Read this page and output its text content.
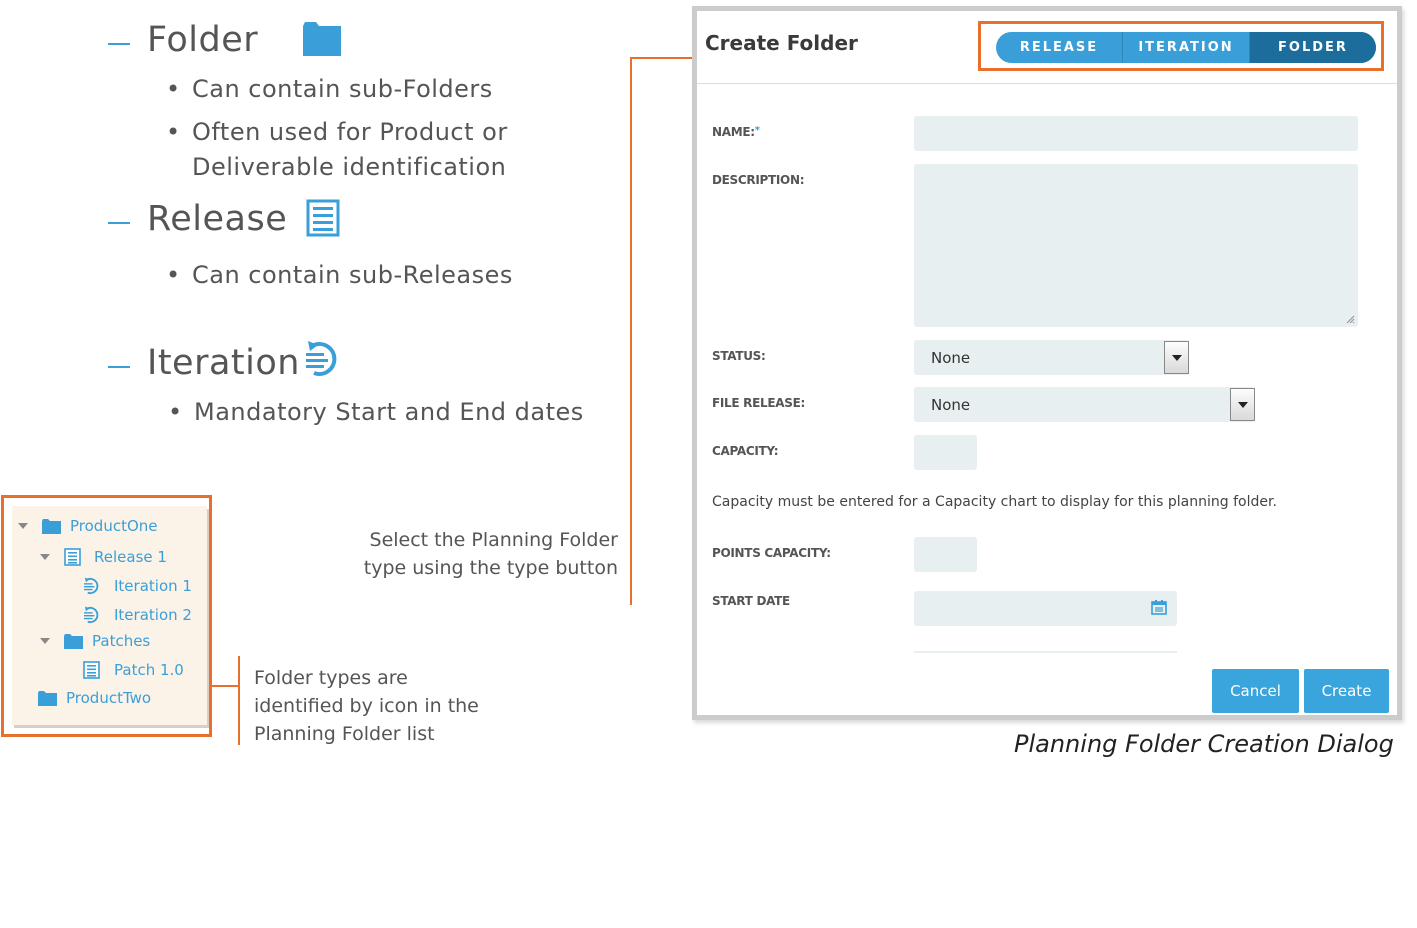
Folder
• Can contain sub-Folders
• Often used for Product or
Deliverable identification
Release
• Can contain sub-Releases
Iteration
• Mandatory Start and End dates
ProductOne
Release 1
Iteration 1
Iteration 2
Patches
Patch 1.0
ProductTwo
Folder types are
identified by icon in the
Planning Folder list
Select the Planning Folder
type using the type button
Create Folder	RELEASE	ITERATION	FOLDER
NAME:*
DESCRIPTION:
STATUS:	None
FILE RELEASE:	None
CAPACITY:
Capacity must be entered for a Capacity chart to display for this planning folder.
POINTS CAPACITY:
START DATE
Cancel	Create
Planning Folder Creation Dialog
